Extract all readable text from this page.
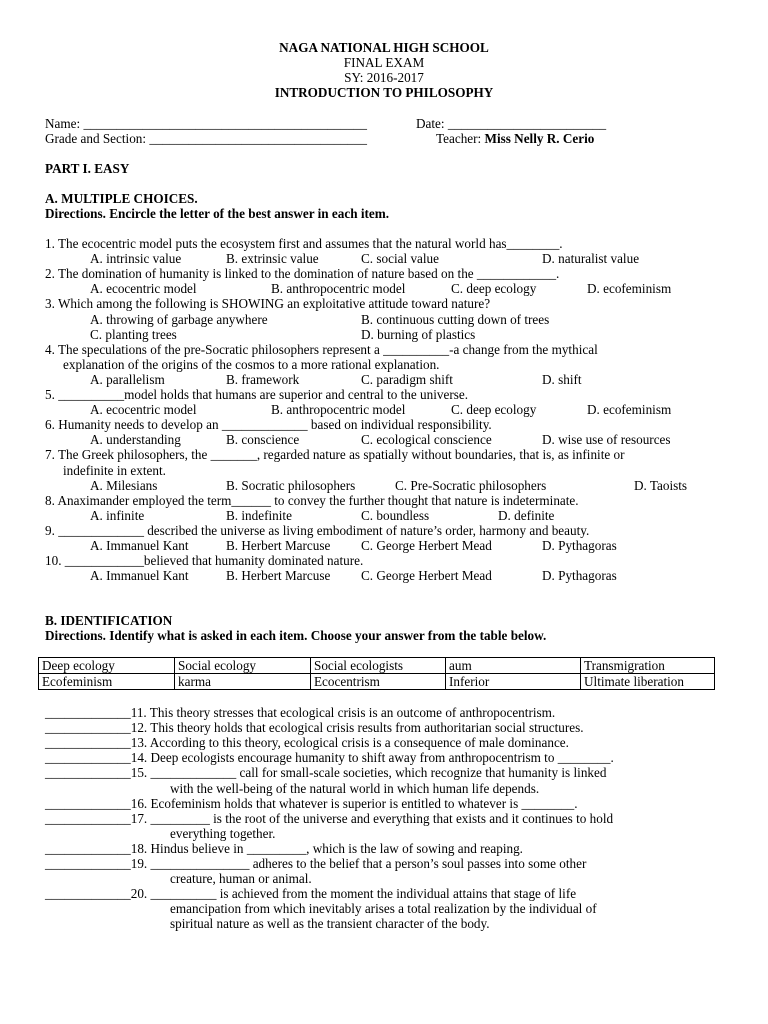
NAGA NATIONAL HIGH SCHOOL
FINAL EXAM
SY: 2016-2017
INTRODUCTION TO PHILOSOPHY
Name: ___________________________________________	Date: ________________________
Grade and Section: _________________________________	Teacher: Miss Nelly R. Cerio
PART I. EASY
A. MULTIPLE CHOICES.
Directions. Encircle the letter of the best answer in each item.
1. The ecocentric model puts the ecosystem first and assumes that the natural world has________.
A. intrinsic value	B. extrinsic value	C. social value	D. naturalist value
2. The domination of humanity is linked to the domination of nature based on the ____________.
A. ecocentric model	B. anthropocentric model	C. deep ecology	D. ecofeminism
3. Which among the following is SHOWING an exploitative attitude toward nature?
A. throwing of garbage anywhere	B. continuous cutting down of trees
C. planting trees	D. burning of plastics
4. The speculations of the pre-Socratic philosophers represent a __________-a change from the mythical
explanation of the origins of the cosmos to a more rational explanation.
A. parallelism	B. framework	C. paradigm shift	D. shift
5. __________model holds that humans are superior and central to the universe.
A. ecocentric model	B. anthropocentric model	C. deep ecology	D. ecofeminism
6. Humanity needs to develop an _____________ based on individual responsibility.
A. understanding	B. conscience	C. ecological conscience	D. wise use of resources
7. The Greek philosophers, the _______, regarded nature as spatially without boundaries, that is, as infinite or
indefinite in extent.
A. Milesians	B. Socratic philosophers	C. Pre-Socratic philosophers	D. Taoists
8. Anaximander employed the term______ to convey the further thought that nature is indeterminate.
A. infinite	B. indefinite	C. boundless	D. definite
9. _____________ described the universe as living embodiment of nature’s order, harmony and beauty.
A. Immanuel Kant	B. Herbert Marcuse C. George Herbert Mead	D. Pythagoras
10. ____________believed that humanity dominated nature.
A. Immanuel Kant	B. Herbert Marcuse C. George Herbert Mead	D. Pythagoras
B. IDENTIFICATION
Directions. Identify what is asked in each item. Choose your answer from the table below.
Deep ecology	Social ecology	Social ecologists	aum	Transmigration
Ecofeminism	karma	Ecocentrism	Inferior	Ultimate liberation
_____________11. This theory stresses that ecological crisis is an outcome of anthropocentrism.
_____________12. This theory holds that ecological crisis results from authoritarian social structures.
_____________13. According to this theory, ecological crisis is a consequence of male dominance.
_____________14. Deep ecologists encourage humanity to shift away from anthropocentrism to ________.
_____________15. _____________ call for small-scale societies, which recognize that humanity is linked
with the well-being of the natural world in which human life depends.
_____________16. Ecofeminism holds that whatever is superior is entitled to whatever is ________.
_____________17. _________ is the root of the universe and everything that exists and it continues to hold
everything together.
_____________18. Hindus believe in _________, which is the law of sowing and reaping.
_____________19. _______________ adheres to the belief that a person’s soul passes into some other
creature, human or animal.
_____________20. __________ is achieved from the moment the individual attains that stage of life
emancipation from which inevitably arises a total realization by the individual of
spiritual nature as well as the transient character of the body.
